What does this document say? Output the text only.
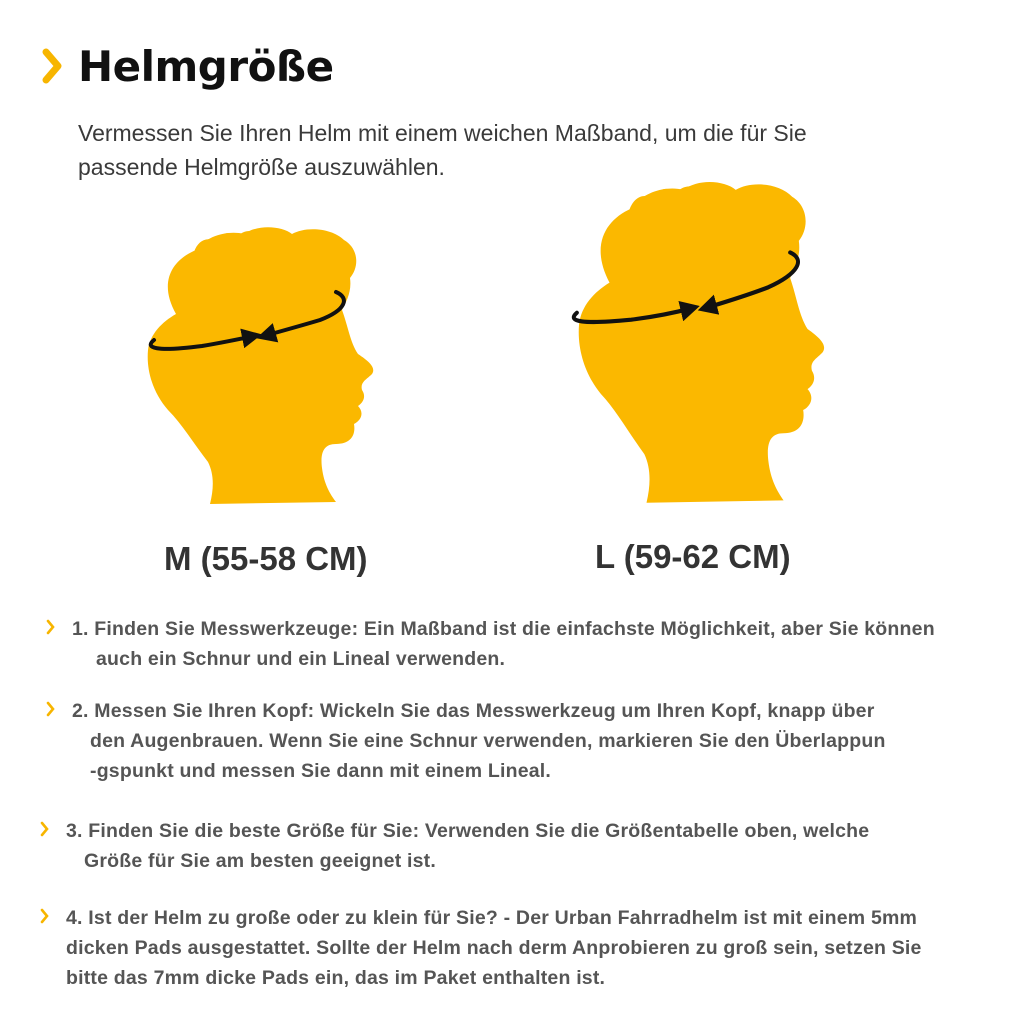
Helmgröße

Vermessen Sie Ihren Helm mit einem weichen Maßband, um die für Sie
passende Helmgröße auszuwählen.

M (55-58 CM)	L (59-62 CM)
1. Finden Sie Messwerkzeuge: Ein Maßband ist die einfachste Möglichkeit, aber Sie können
auch ein Schnur und ein Lineal verwenden.
2. Messen Sie Ihren Kopf: Wickeln Sie das Messwerkzeug um Ihren Kopf, knapp über
den Augenbrauen. Wenn Sie eine Schnur verwenden, markieren Sie den Überlappun
-gspunkt und messen Sie dann mit einem Lineal.
3. Finden Sie die beste Größe für Sie: Verwenden Sie die Größentabelle oben, welche
Größe für Sie am besten geeignet ist.
4. Ist der Helm zu große oder zu klein für Sie? - Der Urban Fahrradhelm ist mit einem 5mm
dicken Pads ausgestattet. Sollte der Helm nach derm Anprobieren zu groß sein, setzen Sie
bitte das 7mm dicke Pads ein, das im Paket enthalten ist.
